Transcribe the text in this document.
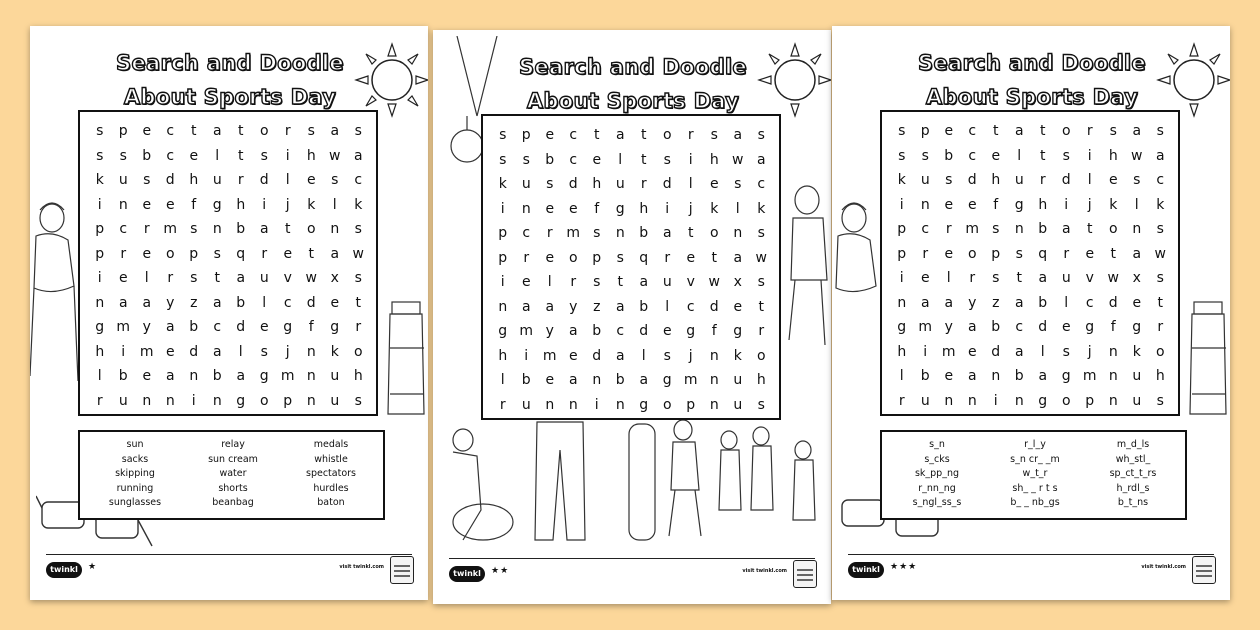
Search and Doodle
About Sports Day
s	p	e	c	t	a	t	o	r	s	a	s
s	s	b	c	e	l	t	s	i	h w a
k	u	s	d	h	u	r	d	l	e	s	c
i	n	e	e	f	g	h	i	j	k	l	k
p	c	r m s	n	b	a	t	o	n	s
p	r	e	o	p	s	q	r	e	t	a w
i	e	l	r	s	t	a	u	v w x	s
n	a	a	y	z	a	b	l	c	d	e	t
g m y	a	b	c	d	e	g	f	g	r
h	i	m e	d	a	l	s	j	n	k	o
l	b	e	a	n	b	a	g m n	u	h
r	u	n	n	i	n	g	o	p	n	u	s
sun	relay	medals
sacks	sun cream	whistle
skipping	water	spectators
running	shorts	hurdles
sunglasses	beanbag	baton
twinkl	★	visit twinkl.com
Search and Doodle
About Sports Day
s	p	e	c	t	a	t	o	r	s	a	s
s	s	b	c	e	l	t	s	i	h w a
k	u	s	d	h	u	r	d	l	e	s	c
i	n	e	e	f	g	h	i	j	k	l	k
p	c	r m s	n	b	a	t	o	n	s
p	r	e	o	p	s	q	r	e	t	a w
i	e	l	r	s	t	a	u	v w x	s
n	a	a	y	z	a	b	l	c	d	e	t
g m y	a	b	c	d	e	g	f	g	r
h	i	m e	d	a	l	s	j	n	k	o
l	b	e	a	n	b	a	g m n	u	h
r	u	n	n	i	n	g	o	p	n	u	s
twinkl	★★	visit twinkl.com
Search and Doodle
About Sports Day
s	p	e	c	t	a	t	o	r	s	a	s
s	s	b	c	e	l	t	s	i	h w a
k	u	s	d	h	u	r	d	l	e	s	c
i	n	e	e	f	g	h	i	j	k	l	k
p	c	r m s	n	b	a	t	o	n	s
p	r	e	o	p	s	q	r	e	t	a w
i	e	l	r	s	t	a	u	v w x	s
n	a	a	y	z	a	b	l	c	d	e	t
g m y	a	b	c	d	e	g	f	g	r
h	i	m e	d	a	l	s	j	n	k	o
l	b	e	a	n	b	a	g m n	u	h
r	u	n	n	i	n	g	o	p	n	u	s
s_n	r_l_y	m_d_ls
s_cks	s_n cr_ _m	wh_stl_
sk_pp_ng	w_t_r	sp_ct_t_rs
r_nn_ng	sh_ _ r t s	h_rdl_s
s_ngl_ss_s	b_ _ nb_gs	b_t_ns
twinkl	★★★	visit twinkl.com
